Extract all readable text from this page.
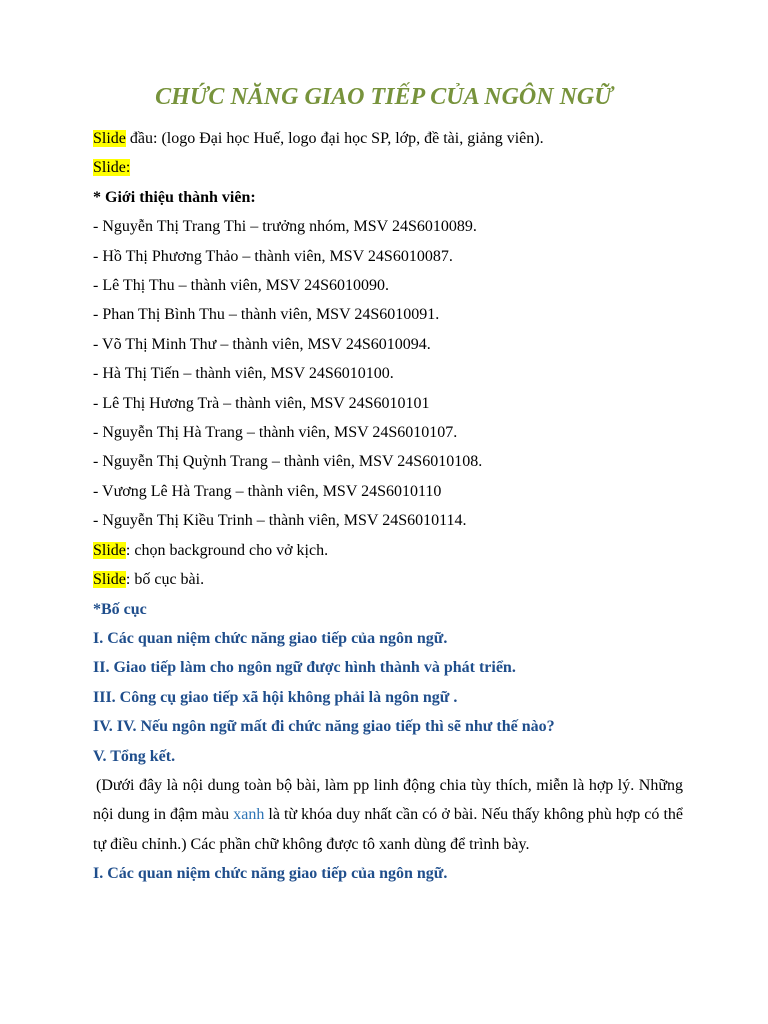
CHỨC NĂNG GIAO TIẾP CỦA NGÔN NGỮ

Slide đầu: (logo Đại học Huế, logo đại học SP, lớp, đề tài, giảng viên).

Slide:

* Giới thiệu thành viên:

- Nguyễn Thị Trang Thi – trưởng nhóm, MSV 24S6010089.

- Hồ Thị Phương Thảo – thành viên, MSV 24S6010087.

- Lê Thị Thu – thành viên, MSV 24S6010090.

- Phan Thị Bình Thu – thành viên, MSV 24S6010091.

- Võ Thị Minh Thư – thành viên, MSV 24S6010094.

- Hà Thị Tiến – thành viên, MSV 24S6010100.

- Lê Thị Hương Trà – thành viên, MSV 24S6010101

- Nguyễn Thị Hà Trang – thành viên, MSV 24S6010107.

- Nguyễn Thị Quỳnh Trang – thành viên, MSV 24S6010108.

- Vương Lê Hà Trang – thành viên, MSV 24S6010110

- Nguyễn Thị Kiều Trinh – thành viên, MSV 24S6010114.

Slide: chọn background cho vở kịch.

Slide: bố cục bài.

*Bố cục

I. Các quan niệm chức năng giao tiếp của ngôn ngữ.

II. Giao tiếp làm cho ngôn ngữ được hình thành và phát triển.

III. Công cụ giao tiếp xã hội không phải là ngôn ngữ .

IV. IV. Nếu ngôn ngữ mất đi chức năng giao tiếp thì sẽ như thế nào?

V. Tổng kết.

(Dưới đây là nội dung toàn bộ bài, làm pp linh động chia tùy thích, miễn là hợp lý. Những nội dung in đậm màu xanh là từ khóa duy nhất cần có ở bài. Nếu thấy không phù hợp có thể tự điều chỉnh.) Các phần chữ không được tô xanh dùng để trình bày.

I. Các quan niệm chức năng giao tiếp của ngôn ngữ.
